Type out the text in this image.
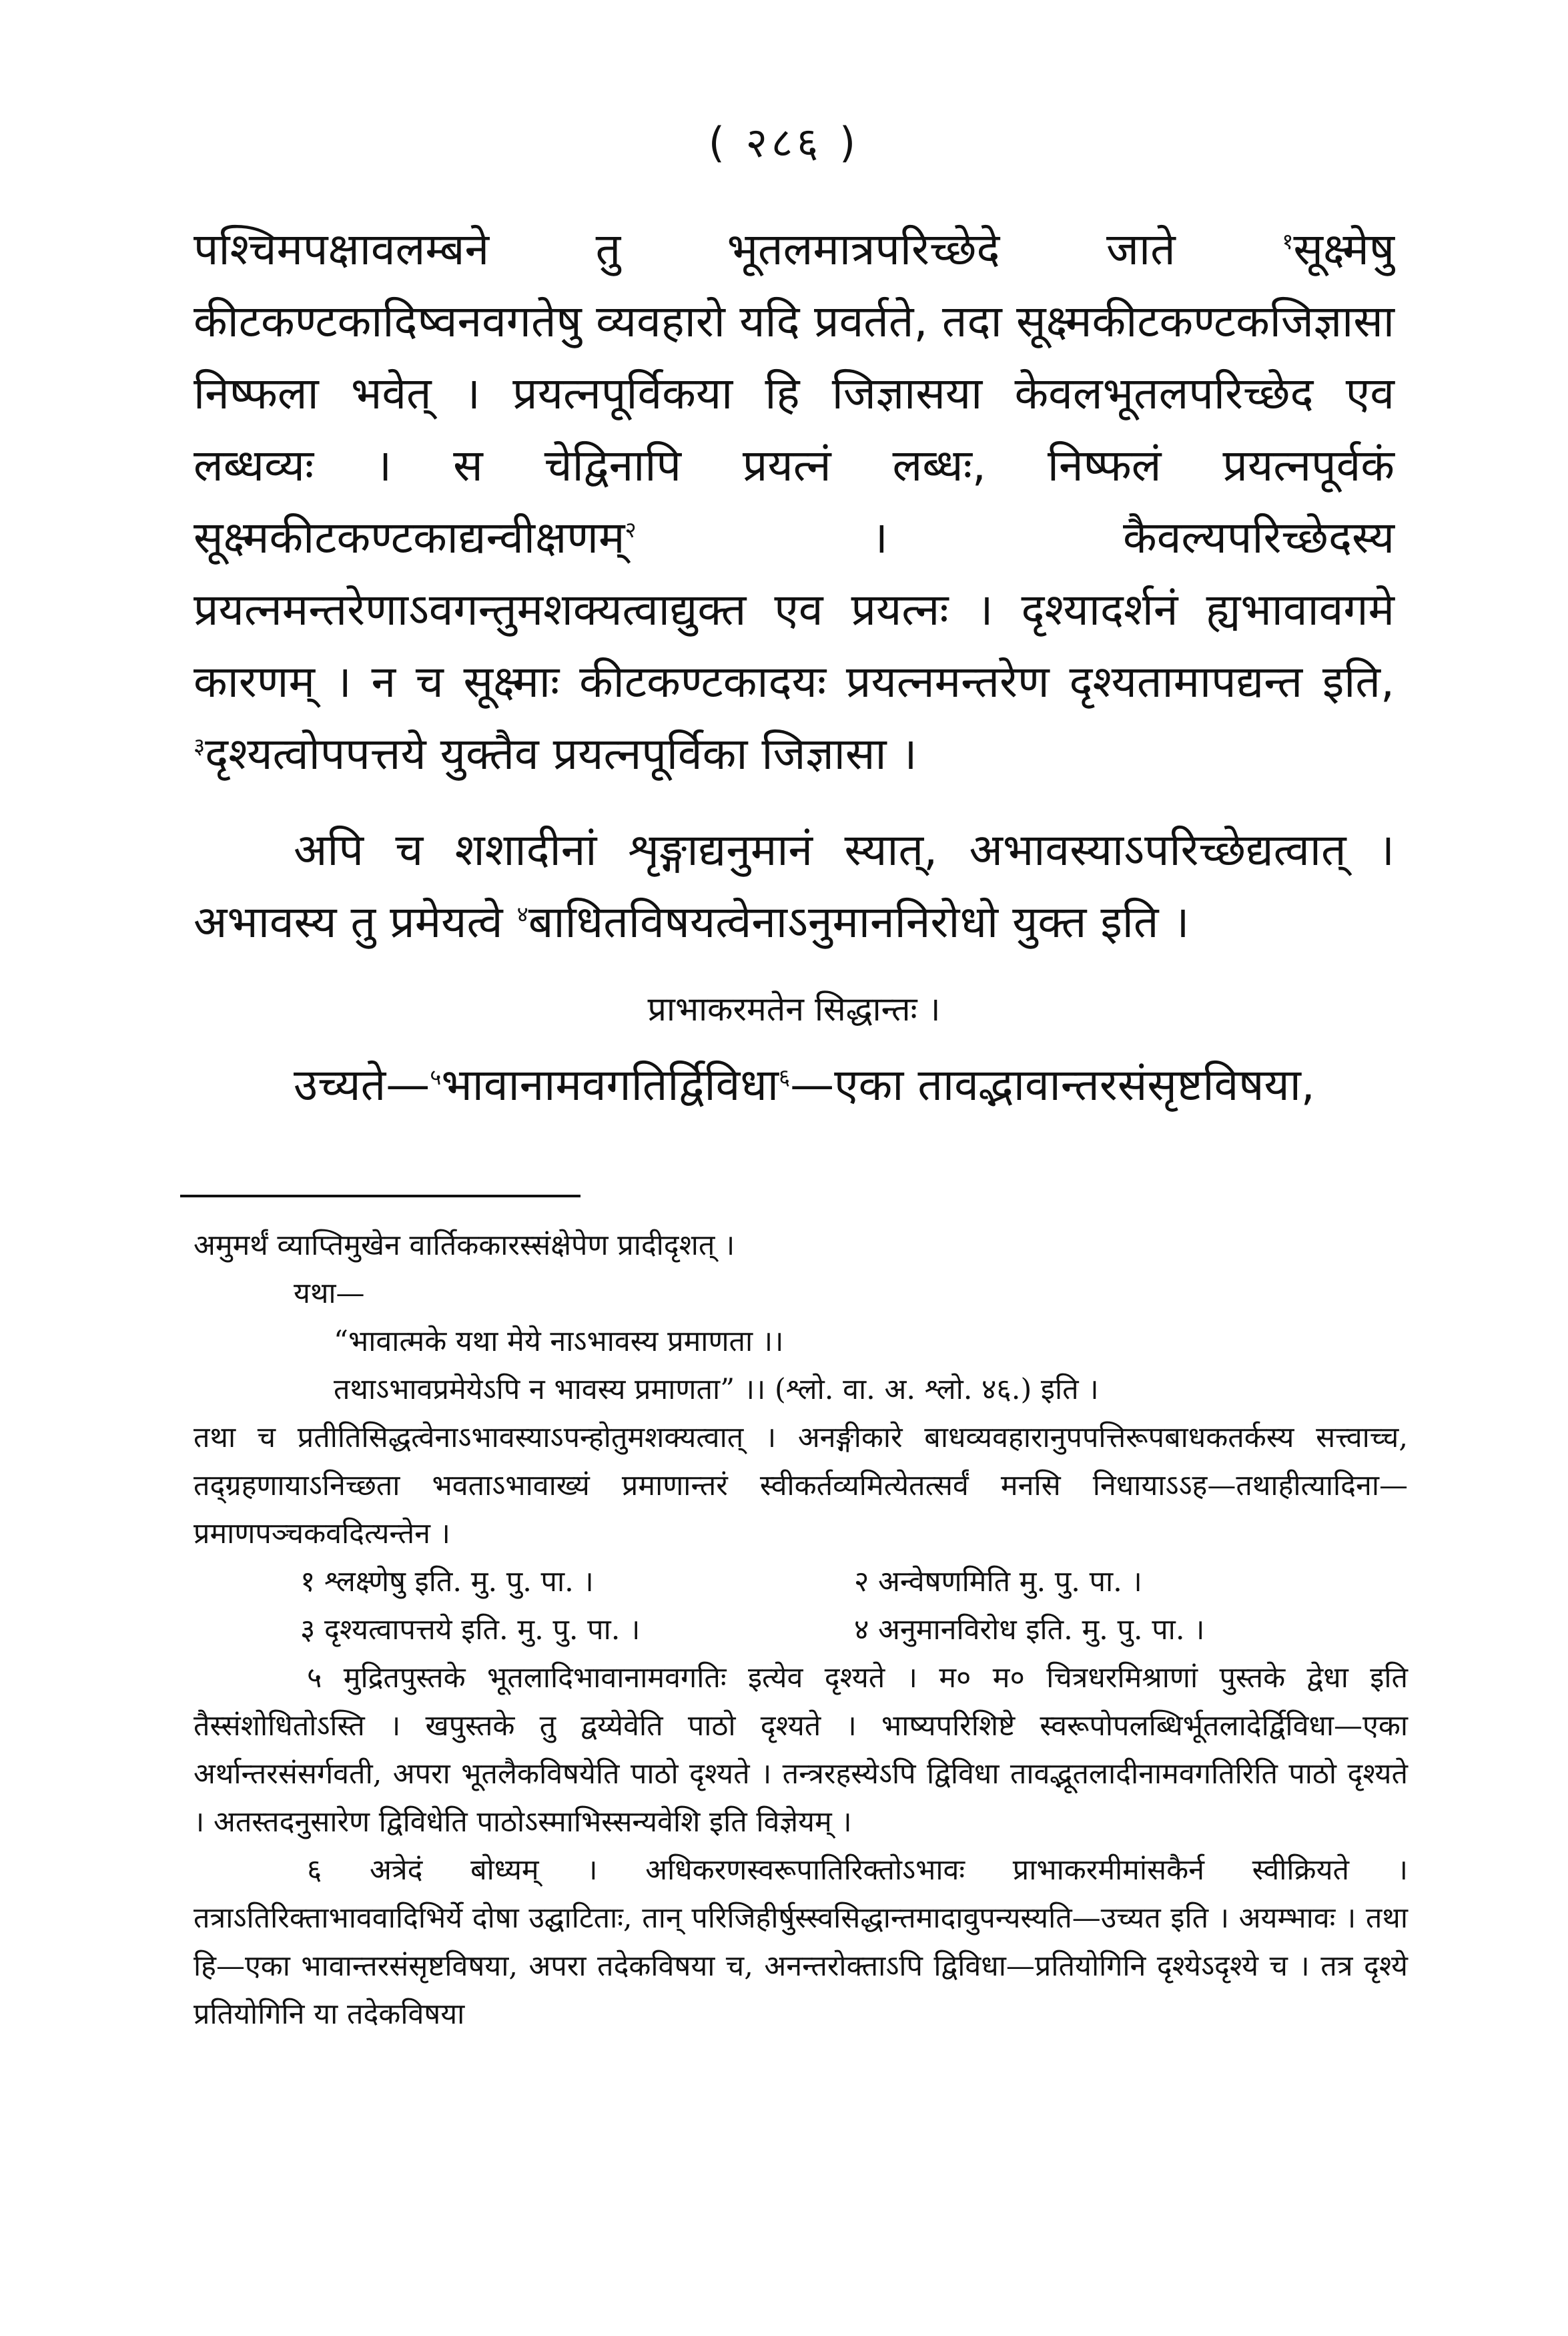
( २८६ )

पश्चिमपक्षावलम्बने तु भूतलमात्रपरिच्छेदे जाते $^१$सूक्ष्मेषु कीटकण्टकादिष्वनवगतेषु व्यवहारो यदि प्रवर्तते, तदा सूक्ष्मकीटकण्टकजिज्ञासा निष्फला भवेत् । प्रयत्नपूर्विकया हि जिज्ञासया केवलभूतलपरिच्छेद एव लब्धव्यः । स चेद्विनापि प्रयत्नं लब्धः, निष्फलं प्रयत्नपूर्वकं सूक्ष्मकीटकण्टकाद्यन्वीक्षणम्$^२$ । कैवल्यपरिच्छेदस्य प्रयत्नमन्तरेणाऽवगन्तुमशक्यत्वाद्युक्त एव प्रयत्नः । दृश्यादर्शनं ह्यभावावगमे कारणम् । न च सूक्ष्माः कीटकण्टकादयः प्रयत्नमन्तरेण दृश्यतामापद्यन्त इति, $^३$दृश्यत्वोपपत्तये युक्तैव प्रयत्नपूर्विका जिज्ञासा ।

अपि च शशादीनां शृङ्गाद्यनुमानं स्यात्, अभावस्याऽपरिच्छेद्यत्वात् । अभावस्य तु प्रमेयत्वे $^४$बाधितविषयत्वेनाऽनुमाननिरोधो युक्त इति ।

प्राभाकरमतेन सिद्धान्तः ।

उच्यते—$^५$भावानामवगतिर्द्विविधा$^६$—एका तावद्भावान्तरसंसृष्टविषया,

अमुमर्थं व्याप्तिमुखेन वार्तिककारस्संक्षेपेण प्रादीदृशत् ।

यथा—

“भावात्मके यथा मेये नाऽभावस्य प्रमाणता ।।

तथाऽभावप्रमेयेऽपि न भावस्य प्रमाणता” ।। (श्लो. वा. अ. श्लो. ४६.) इति ।

तथा च प्रतीतिसिद्धत्वेनाऽभावस्याऽपन्होतुमशक्यत्वात् । अनङ्गीकारे बाधव्यवहारानुपपत्तिरूपबाधकतर्कस्य सत्त्वाच्च, तद्ग्रहणायाऽनिच्छता भवताऽभावाख्यं प्रमाणान्तरं स्वीकर्तव्यमित्येतत्सर्वं मनसि निधायाऽऽह—तथाहीत्यादिना—प्रमाणपञ्चकवदित्यन्तेन ।

१ श्लक्ष्णेषु इति. मु. पु. पा. ।	२ अन्वेषणमिति मु. पु. पा. ।
३ दृश्यत्वापत्तये इति. मु. पु. पा. ।	४ अनुमानविरोध इति. मु. पु. पा. ।

५ मुद्रितपुस्तके भूतलादिभावानामवगतिः इत्येव दृश्यते । म० म० चित्रधरमिश्राणां पुस्तके द्वेधा इति तैस्संशोधितोऽस्ति । खपुस्तके तु द्वय्येवेति पाठो दृश्यते । भाष्यपरिशिष्टे स्वरूपोपलब्धिर्भूतलादेर्द्विविधा—एका अर्थान्तरसंसर्गवती, अपरा भूतलैकविषयेति पाठो दृश्यते । तन्त्ररहस्येऽपि द्विविधा तावद्भूतलादीनामवगतिरिति पाठो दृश्यते । अतस्तदनुसारेण द्विविधेति पाठोऽस्माभिस्सन्यवेशि इति विज्ञेयम् ।

६ अत्रेदं बोध्यम् । अधिकरणस्वरूपातिरिक्तोऽभावः प्राभाकरमीमांसकैर्न स्वीक्रियते । तत्राऽतिरिक्ताभाववादिभिर्ये दोषा उद्घाटिताः, तान् परिजिहीर्षुस्स्वसिद्धान्तमादावुपन्यस्यति—उच्यत इति । अयम्भावः । तथा हि—एका भावान्तरसंसृष्टविषया, अपरा तदेकविषया च, अनन्तरोक्ताऽपि द्विविधा—प्रतियोगिनि दृश्येऽदृश्ये च । तत्र दृश्ये प्रतियोगिनि या तदेकविषया
